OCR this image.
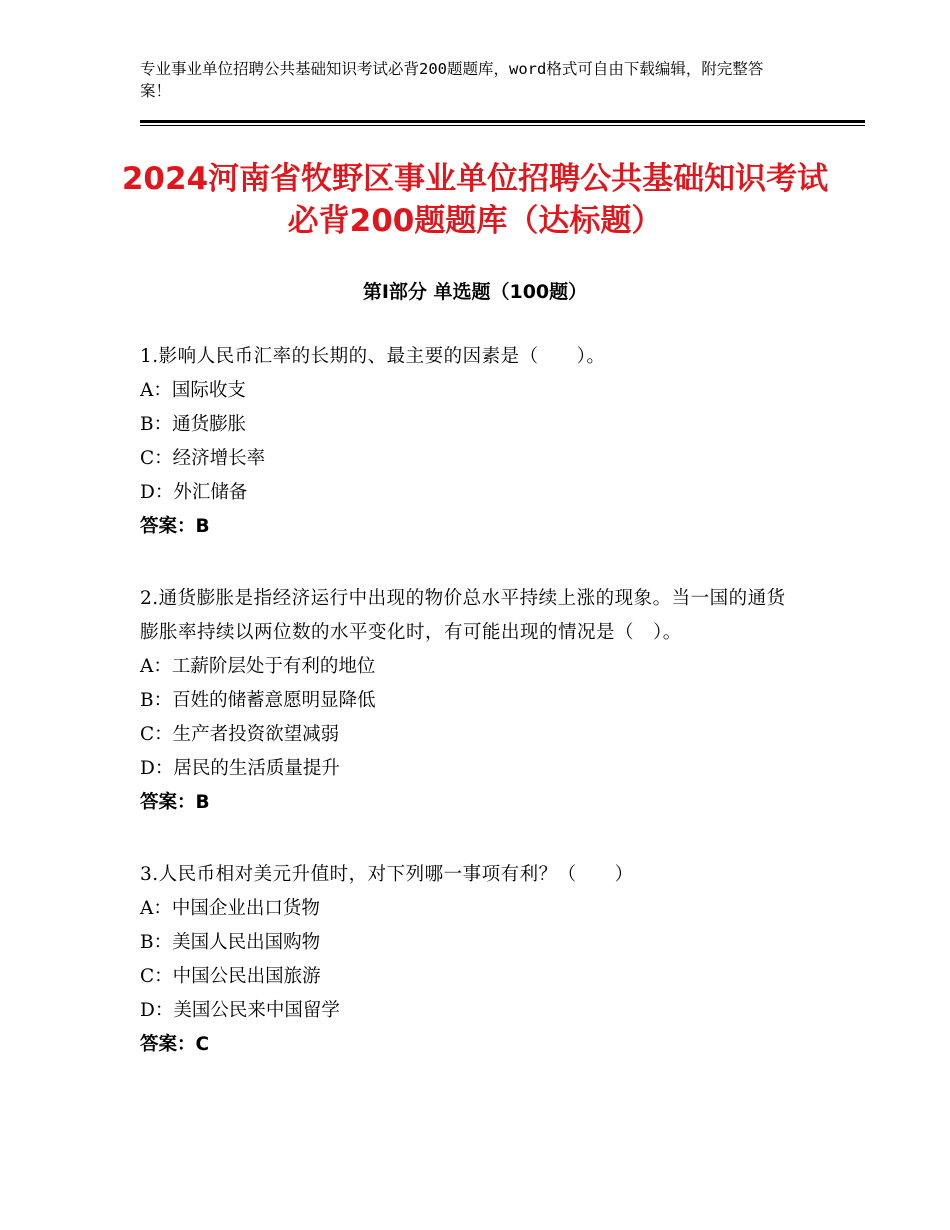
专业事业单位招聘公共基础知识考试必背200题题库，word格式可自由下载编辑，附完整答案！
2024河南省牧野区事业单位招聘公共基础知识考试必背200题题库（达标题）
第Ⅰ部分 单选题（100题）
1.影响人民币汇率的长期的、最主要的因素是（　　）。
A：国际收支
B：通货膨胀
C：经济增长率
D：外汇储备
答案：B
2.通货膨胀是指经济运行中出现的物价总水平持续上涨的现象。当一国的通货膨胀率持续以两位数的水平变化时，有可能出现的情况是（　）。
A：工薪阶层处于有利的地位
B：百姓的储蓄意愿明显降低
C：生产者投资欲望减弱
D：居民的生活质量提升
答案：B
3.人民币相对美元升值时，对下列哪一事项有利？（　　）
A：中国企业出口货物
B：美国人民出国购物
C：中国公民出国旅游
D：美国公民来中国留学
答案：C
